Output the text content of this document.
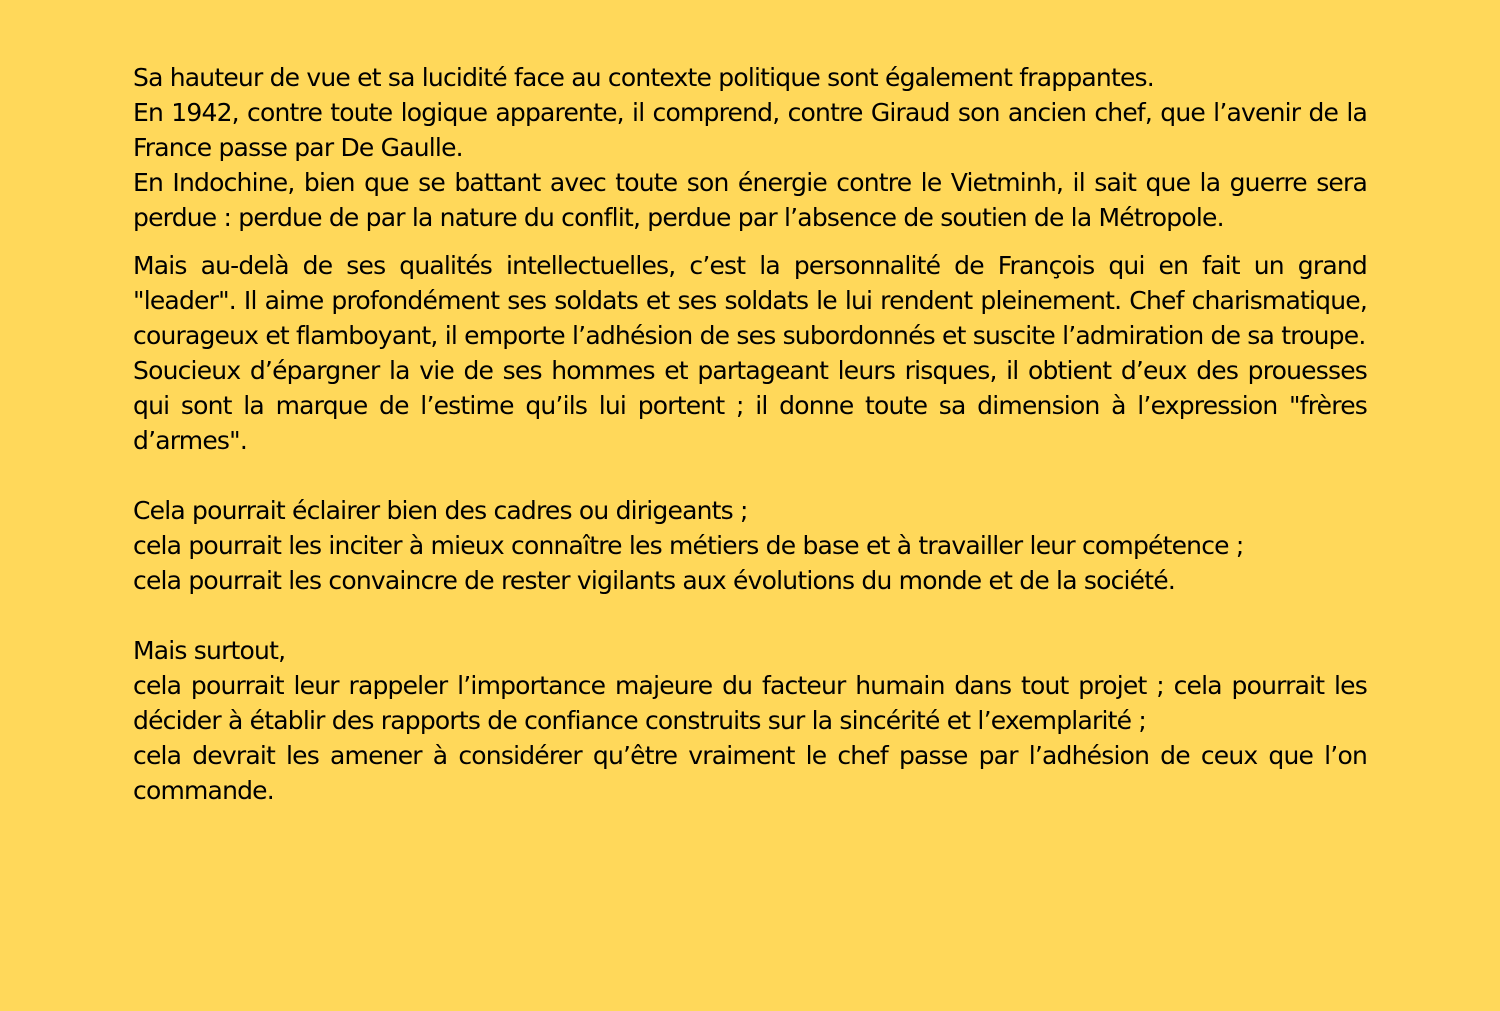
Sa hauteur de vue et sa lucidité face au contexte politique sont également frappantes.

En 1942, contre toute logique apparente, il comprend, contre Giraud son ancien chef, que l’avenir de la France passe par De Gaulle.

En Indochine, bien que se battant avec toute son énergie contre le Vietminh, il sait que la guerre sera perdue : perdue de par la nature du conflit, perdue par l’absence de soutien de la Métropole.

Mais au-delà de ses qualités intellectuelles, c’est la personnalité de François qui en fait un grand "leader". Il aime profondément ses soldats et ses soldats le lui rendent pleinement. Chef charismatique, courageux et flamboyant, il emporte l’adhésion de ses subordonnés et suscite l’admiration de sa troupe.

Soucieux d’épargner la vie de ses hommes et partageant leurs risques, il obtient d’eux des prouesses qui sont la marque de l’estime qu’ils lui portent ; il donne toute sa dimension à l’expression "frères d’armes".

Cela pourrait éclairer bien des cadres ou dirigeants ;

cela pourrait les inciter à mieux connaître les métiers de base et à travailler leur compétence ;

cela pourrait les convaincre de rester vigilants aux évolutions du monde et de la société.

Mais surtout,

cela pourrait leur rappeler l’importance majeure du facteur humain dans tout projet ; cela pourrait les décider à établir des rapports de confiance construits sur la sincérité et l’exemplarité ;

cela devrait les amener à considérer qu’être vraiment le chef passe par l’adhésion de ceux que l’on commande.
